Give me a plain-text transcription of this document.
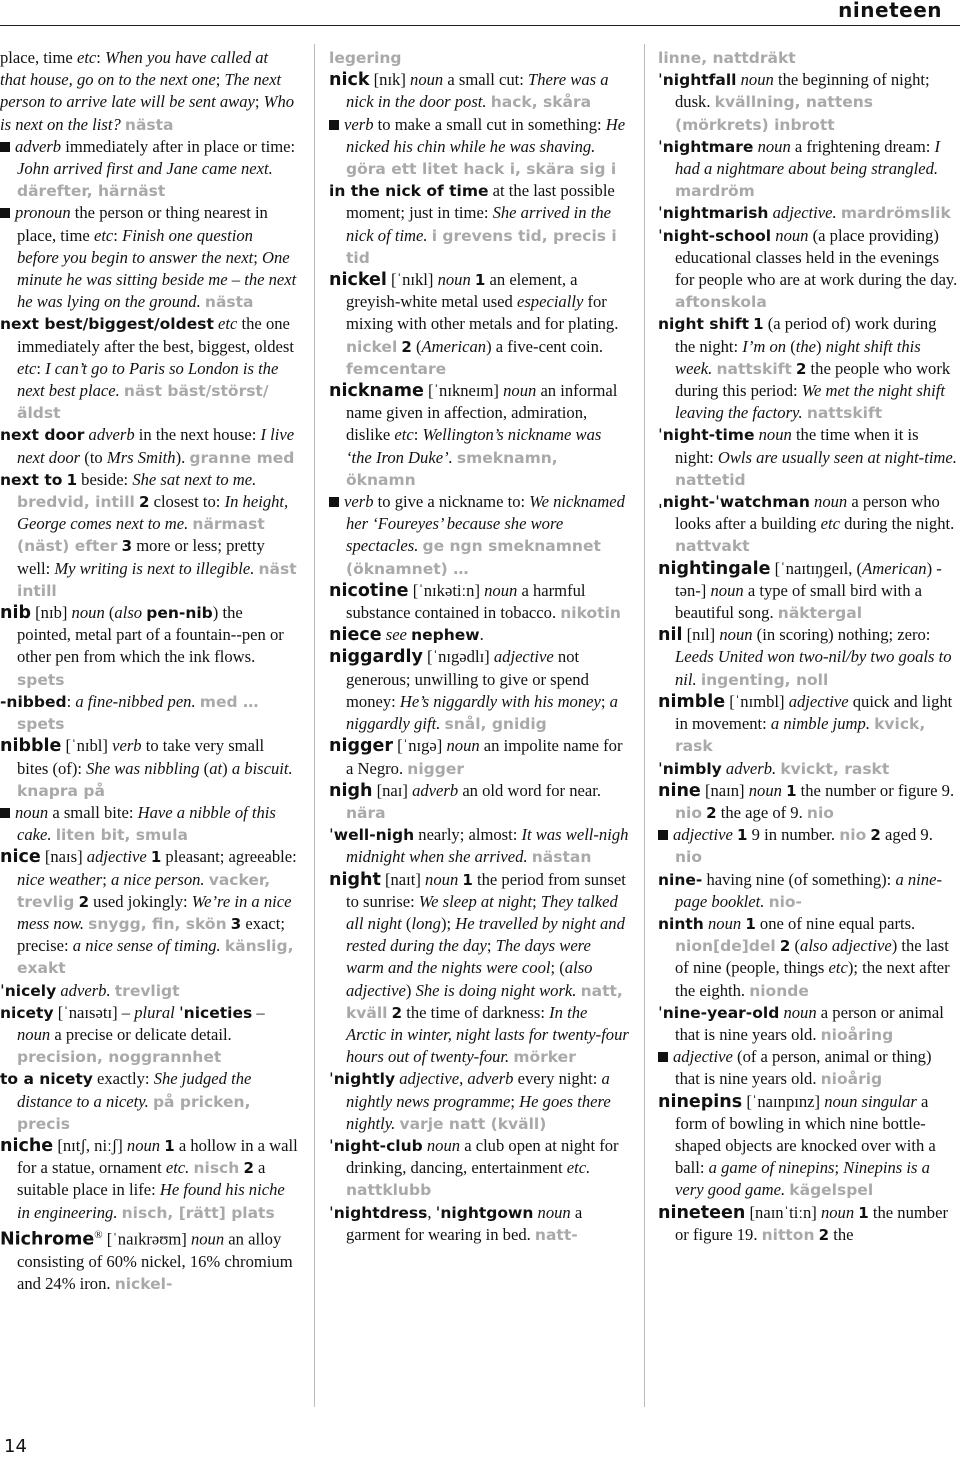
nineteen

place, time etc: When you have called at that house, go on to the next one; The next person to arrive late will be sent away; Who is next on the list? nästa

adverb immediately after in place or time: John arrived first and Jane came next. därefter, härnäst

pronoun the person or thing nearest in place, time etc: Finish one question before you begin to answer the next; One minute he was sitting beside me – the next he was lying on the ground. nästa

next best/biggest/oldest etc the one immediately after the best, biggest, oldest etc: I can’t go to Paris so London is the next best place. näst bäst/störst/äldst

next door adverb in the next house: I live next door (to Mrs Smith). granne med

next to 1 beside: She sat next to me. bredvid, intill 2 closest to: In height, George comes next to me. närmast (näst) efter 3 more or less; pretty well: My writing is next to illegible. näst intill

nib [nɪb] noun (also pen-nib) the pointed, metal part of a fountain--pen or other pen from which the ink flows. spets

-nibbed: a fine-nibbed pen. med … spets

nibble [ˈnɪbl] verb to take very small bites (of): She was nibbling (at) a biscuit. knapra på

noun a small bite: Have a nibble of this cake. liten bit, smula

nice [naɪs] adjective 1 pleasant; agreeable: nice weather; a nice person. vacker, trevlig 2 used jokingly: We’re in a nice mess now. snygg, fin, skön 3 exact; precise: a nice sense of timing. känslig, exakt

ˈnicely adverb. trevligt

nicety [ˈnaɪsətɪ] – plural ˈniceties – noun a precise or delicate detail. precision, noggrannhet

to a nicety exactly: She judged the distance to a nicety. på pricken, precis

niche [nɪtʃ, niːʃ] noun 1 a hollow in a wall for a statue, ornament etc. nisch 2 a suitable place in life: He found his niche in engineering. nisch, [rätt] plats

Nichrome® [ˈnaɪkrəʊm] noun an alloy consisting of 60% nickel, 16% chromium and 24% iron. nickel-

legering

nick [nɪk] noun a small cut: There was a nick in the door post. hack, skåra

verb to make a small cut in something: He nicked his chin while he was shaving. göra ett litet hack i, skära sig i

in the nick of time at the last possible moment; just in time: She arrived in the nick of time. i grevens tid, precis i tid

nickel [ˈnɪkl] noun 1 an element, a greyish-white metal used especially for mixing with other metals and for plating. nickel 2 (American) a five-cent coin. femcentare

nickname [ˈnɪkneɪm] noun an informal name given in affection, admiration, dislike etc: Wellington’s nickname was ‘the Iron Duke’. smeknamn, öknamn

verb to give a nickname to: We nicknamed her ‘Foureyes’ because she wore spectacles. ge ngn smeknamnet (öknamnet) …

nicotine [ˈnɪkətiːn] noun a harmful substance contained in tobacco. nikotin

niece see nephew.

niggardly [ˈnɪgədlɪ] adjective not generous; unwilling to give or spend money: He’s niggardly with his money; a niggardly gift. snål, gnidig

nigger [ˈnɪgə] noun an impolite name for a Negro. nigger

nigh [naɪ] adverb an old word for near. nära

ˈwell-nigh nearly; almost: It was well-nigh midnight when she arrived. nästan

night [naɪt] noun 1 the period from sunset to sunrise: We sleep at night; They talked all night (long); He travelled by night and rested during the day; The days were warm and the nights were cool; (also adjective) She is doing night work. natt, kväll 2 the time of darkness: In the Arctic in winter, night lasts for twenty-four hours out of twenty-four. mörker

ˈnightly adjective, adverb every night: a nightly news programme; He goes there nightly. varje natt (kväll)

ˈnight-club noun a club open at night for drinking, dancing, entertainment etc. nattklubb

ˈnightdress, ˈnightgown noun a garment for wearing in bed. natt-

linne, nattdräkt

ˈnightfall noun the beginning of night; dusk. kvällning, nattens (mörkrets) inbrott

ˈnightmare noun a frightening dream: I had a nightmare about being strangled. mardröm

ˈnightmarish adjective. mardrömslik

ˈnight-school noun (a place providing) educational classes held in the evenings for people who are at work during the day. aftonskola

night shift 1 (a period of) work during the night: I’m on (the) night shift this week. nattskift 2 the people who work during this period: We met the night shift leaving the factory. nattskift

ˈnight-time noun the time when it is night: Owls are usually seen at night-time. nattetid

ˌnight-ˈwatchman noun a person who looks after a building etc during the night. nattvakt

nightingale [ˈnaɪtɪŋgeɪl, (American) -tən-] noun a type of small bird with a beautiful song. näktergal

nil [nɪl] noun (in scoring) nothing; zero: Leeds United won two-nil/by two goals to nil. ingenting, noll

nimble [ˈnɪmbl] adjective quick and light in movement: a nimble jump. kvick, rask

ˈnimbly adverb. kvickt, raskt

nine [naɪn] noun 1 the number or figure 9. nio 2 the age of 9. nio

adjective 1 9 in number. nio 2 aged 9. nio

nine- having nine (of something): a nine-page booklet. nio-

ninth noun 1 one of nine equal parts. nion[de]del 2 (also adjective) the last of nine (people, things etc); the next after the eighth. nionde

ˈnine-year-old noun a person or animal that is nine years old. nioåring

adjective (of a person, animal or thing) that is nine years old. nioårig

ninepins [ˈnaɪnpɪnz] noun singular a form of bowling in which nine bottle-shaped objects are knocked over with a ball: a game of ninepins; Ninepins is a very good game. kägelspel

nineteen [naɪnˈtiːn] noun 1 the number or figure 19. nitton 2 the

14
